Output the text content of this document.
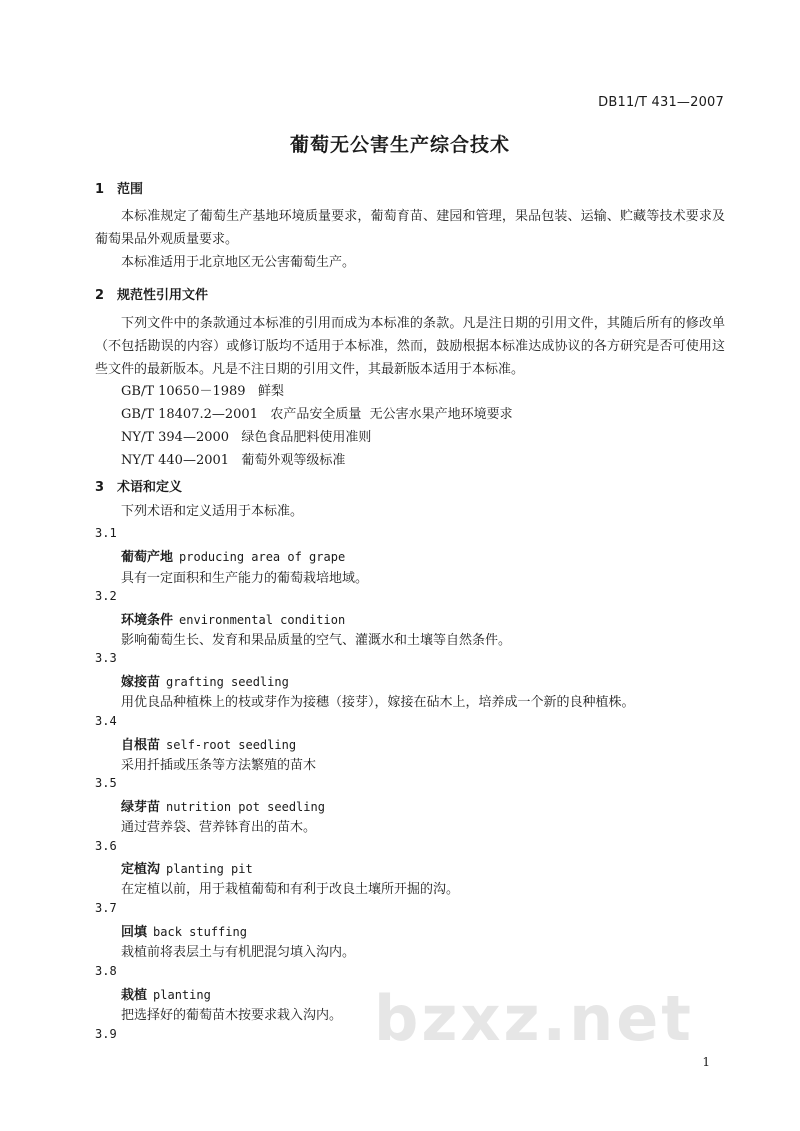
DB11/T 431—2007
葡萄无公害生产综合技术
1 范围
本标准规定了葡萄生产基地环境质量要求，葡萄育苗、建园和管理，果品包装、运输、贮藏等技术要求及葡萄果品外观质量要求。
本标准适用于北京地区无公害葡萄生产。
2 规范性引用文件
下列文件中的条款通过本标准的引用而成为本标准的条款。凡是注日期的引用文件，其随后所有的修改单（不包括勘误的内容）或修订版均不适用于本标准，然而，鼓励根据本标准达成协议的各方研究是否可使用这些文件的最新版本。凡是不注日期的引用文件，其最新版本适用于本标准。
GB/T 10650－1989   鲜梨
GB/T 18407.2—2001   农产品安全质量  无公害水果产地环境要求
NY/T 394—2000   绿色食品肥料使用准则
NY/T 440—2001   葡萄外观等级标准
3 术语和定义
下列术语和定义适用于本标准。
3.1
葡萄产地 producing area of grape
具有一定面积和生产能力的葡萄栽培地域。
3.2
环境条件 environmental condition
影响葡萄生长、发育和果品质量的空气、灌溉水和土壤等自然条件。
3.3
嫁接苗 grafting seedling
用优良品种植株上的枝或芽作为接穗（接芽），嫁接在砧木上，培养成一个新的良种植株。
3.4
自根苗 self-root seedling
采用扦插或压条等方法繁殖的苗木
3.5
绿芽苗 nutrition pot seedling
通过营养袋、营养钵育出的苗木。
3.6
定植沟 planting pit
在定植以前，用于栽植葡萄和有利于改良土壤所开掘的沟。
3.7
回填 back stuffing
栽植前将表层土与有机肥混匀填入沟内。
3.8
栽植 planting
把选择好的葡萄苗木按要求栽入沟内。
3.9	bzxz.net
1
